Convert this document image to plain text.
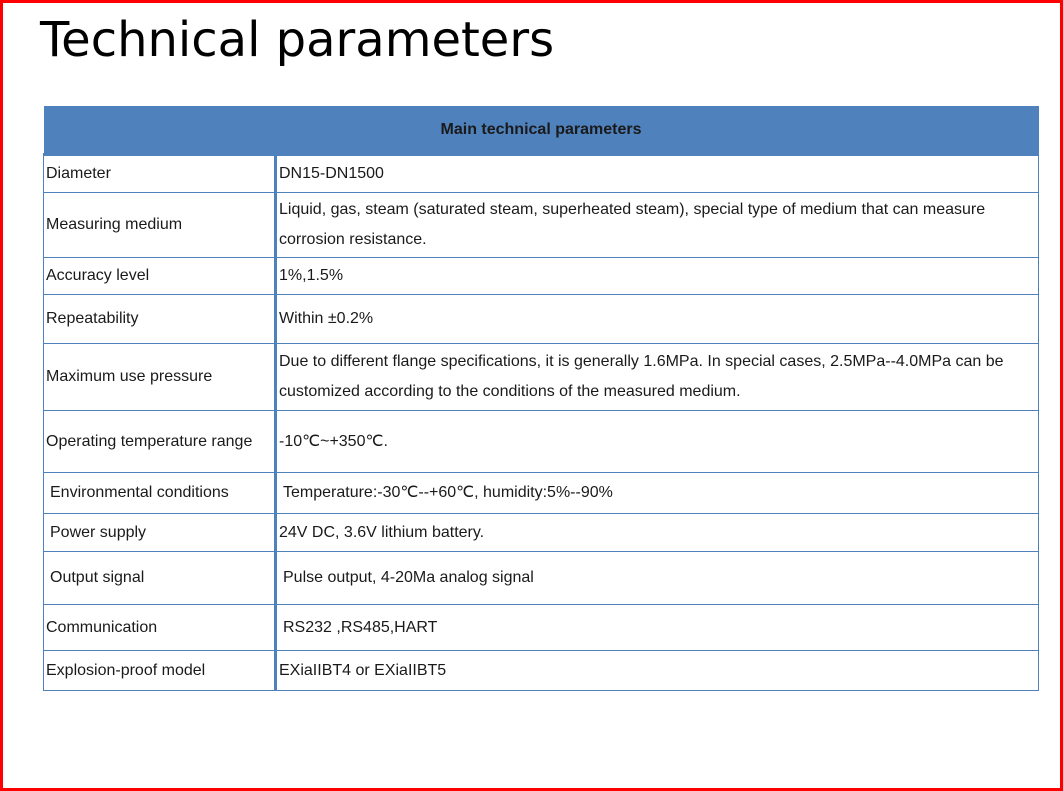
Technical parameters
Main technical parameters	
Diameter	DN15-DN1500
Measuring medium	Liquid, gas, steam (saturated steam, superheated steam), special type of medium that can measure corrosion resistance.
Accuracy level	1%,1.5%
Repeatability	Within ±0.2%
Maximum use pressure	Due to different flange specifications, it is generally 1.6MPa. In special cases, 2.5MPa--4.0MPa can be customized according to the conditions of the measured medium.
Operating temperature range	-10℃~+350℃.
Environmental conditions	Temperature:-30℃--+60℃, humidity:5%--90%
Power supply	24V DC, 3.6V lithium battery.
Output signal	Pulse output, 4-20Ma analog signal
Communication	RS232 ,RS485,HART
Explosion-proof model	EXiaIIBT4 or EXiaIIBT5
